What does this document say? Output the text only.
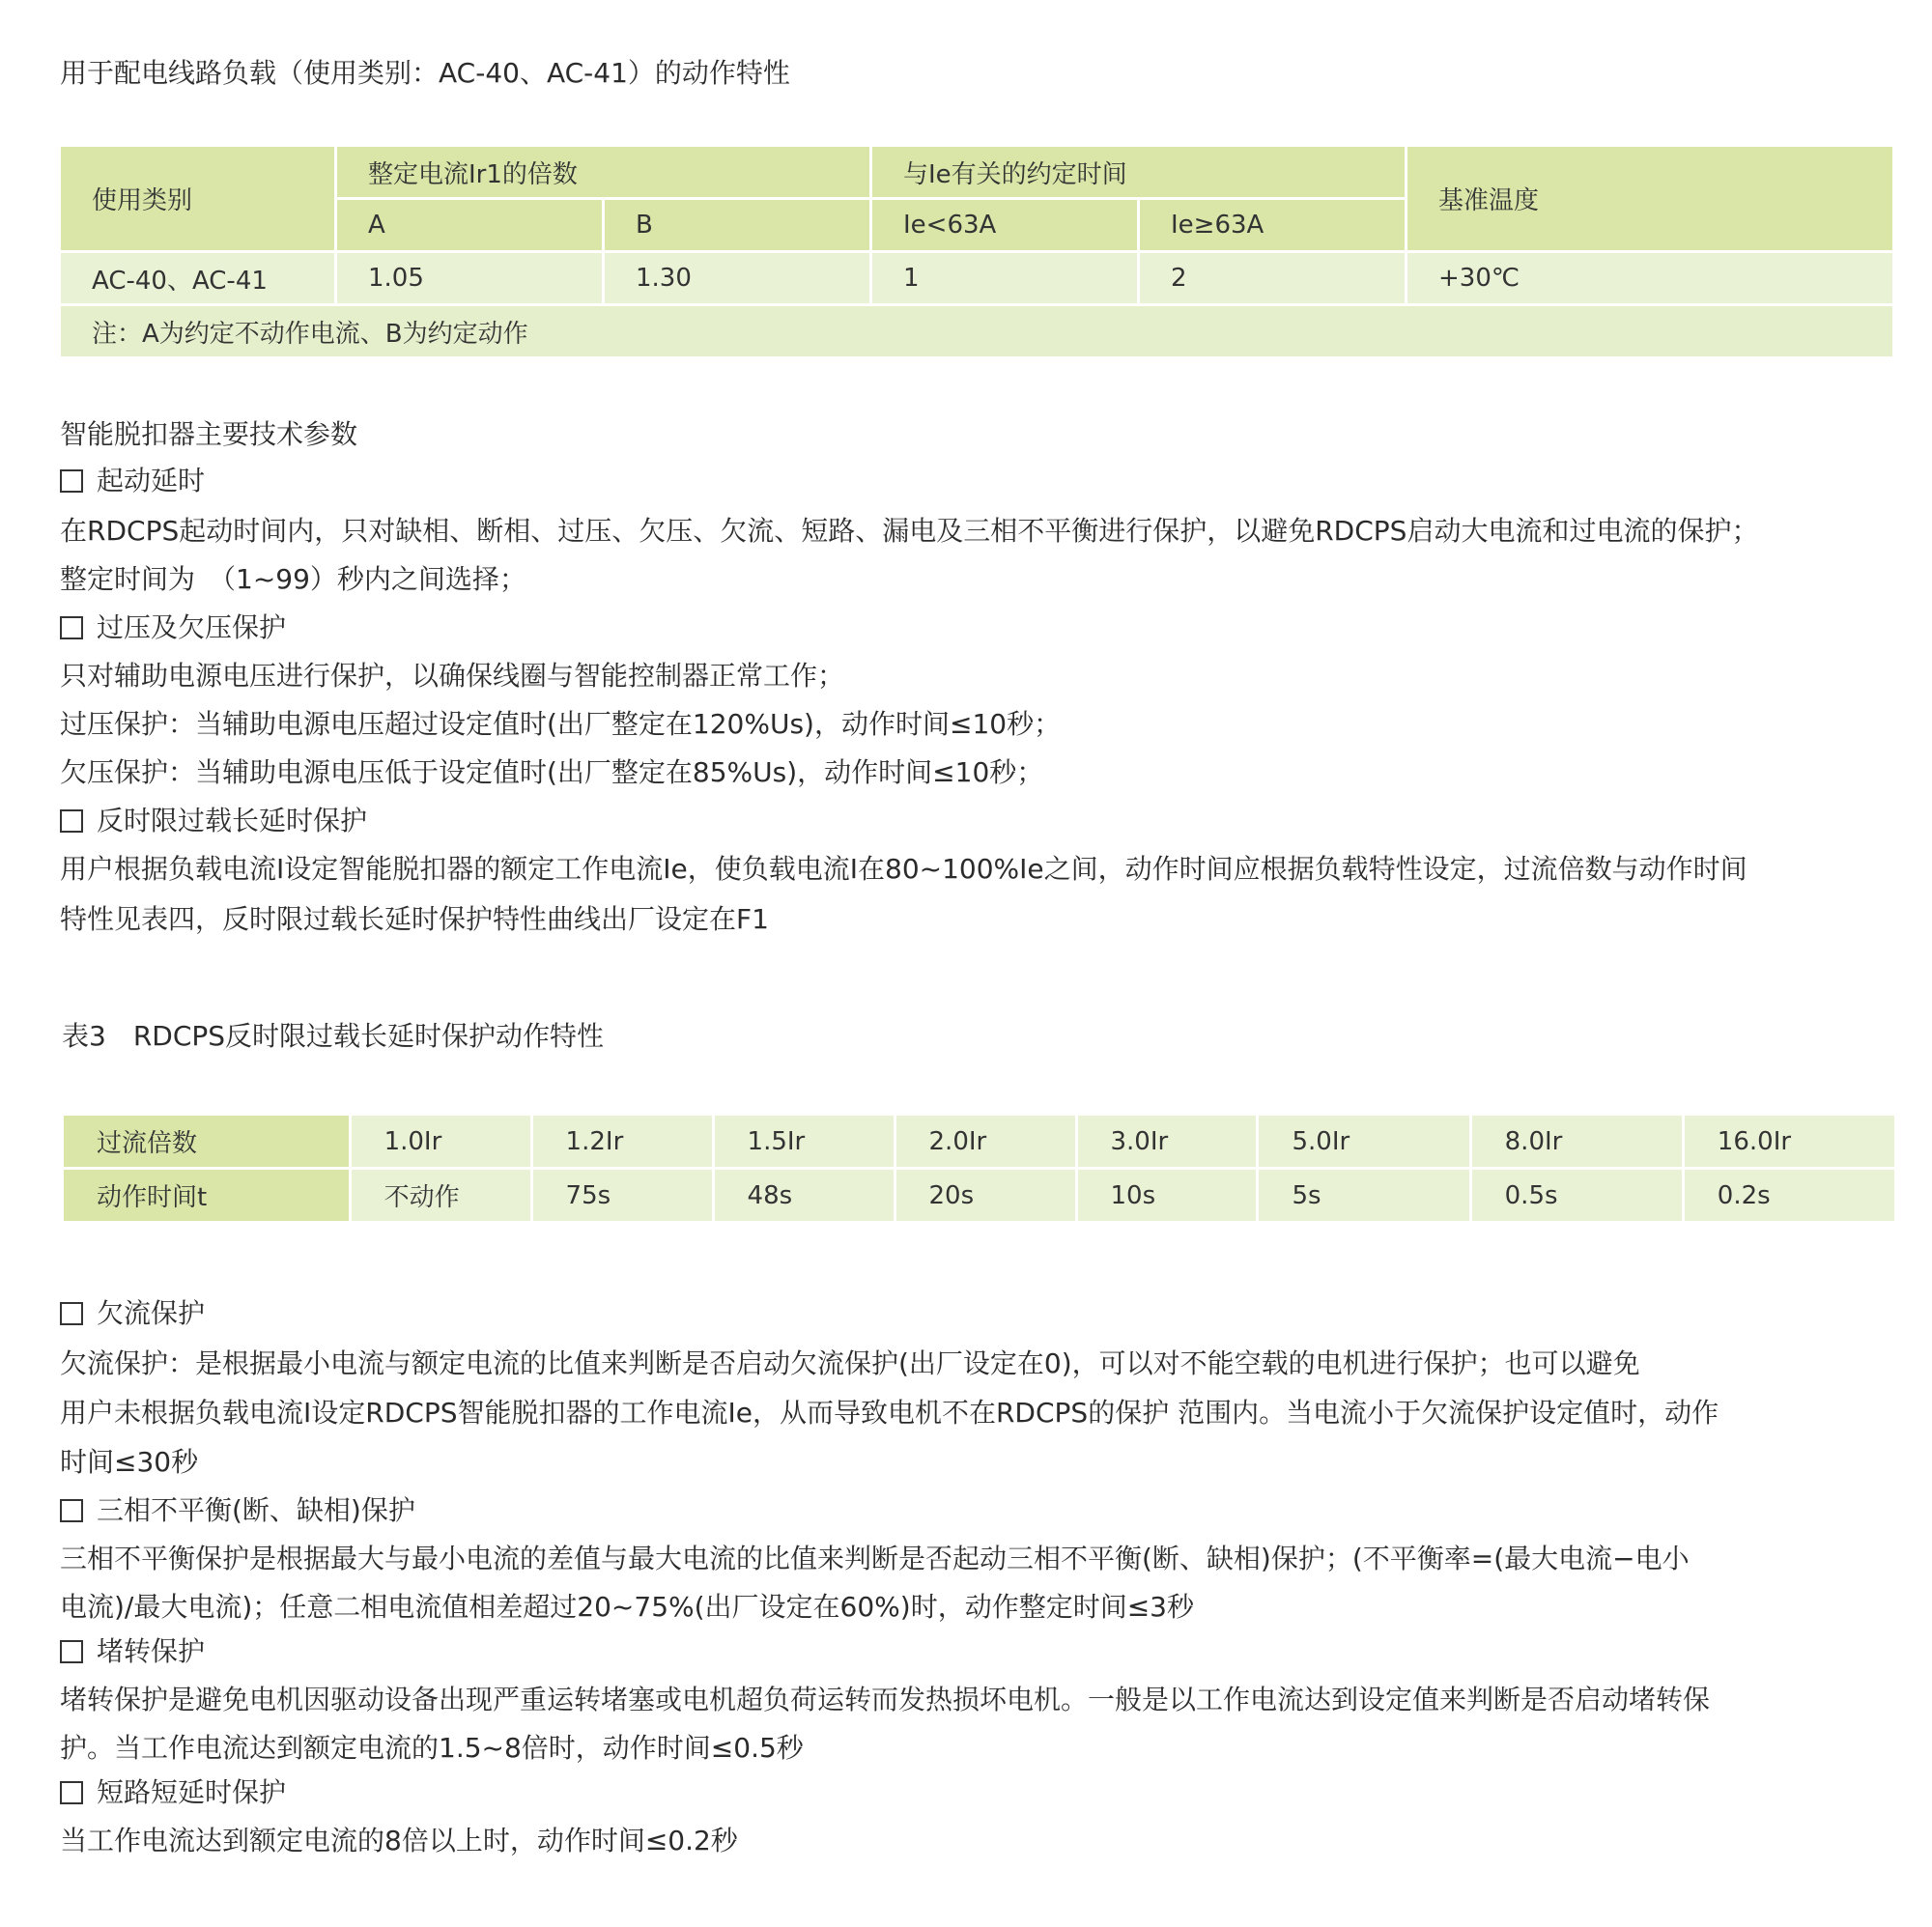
用于配电线路负载（使用类别：AC-40、AC-41）的动作特性
使用类别	整定电流Ir1的倍数		与Ie有关的约定时间		基准温度
	A	B	Ie<63A	Ie≥63A	
AC-40、AC-41	1.05	1.30	1	2	+30℃
注：A为约定不动作电流、B为约定动作					
智能脱扣器主要技术参数
起动延时
在RDCPS起动时间内，只对缺相、断相、过压、欠压、欠流、短路、漏电及三相不平衡进行保护，以避免RDCPS启动大电流和过电流的保护；
整定时间为　（1~99）秒内之间选择；
过压及欠压保护
只对辅助电源电压进行保护，以确保线圈与智能控制器正常工作；
过压保护：当辅助电源电压超过设定值时(出厂整定在120%Us)，动作时间≤10秒；
欠压保护：当辅助电源电压低于设定值时(出厂整定在85%Us)，动作时间≤10秒；
反时限过载长延时保护
用户根据负载电流I设定智能脱扣器的额定工作电流Ie，使负载电流I在80~100%Ie之间，动作时间应根据负载特性设定，过流倍数与动作时间
特性见表四，反时限过载长延时保护特性曲线出厂设定在F1
表3　RDCPS反时限过载长延时保护动作特性
过流倍数	1.0Ir	1.2Ir	1.5Ir	2.0Ir	3.0Ir	5.0Ir	8.0Ir	16.0Ir
动作时间t	不动作	75s	48s	20s	10s	5s	0.5s	0.2s
欠流保护
欠流保护：是根据最小电流与额定电流的比值来判断是否启动欠流保护(出厂设定在0)，可以对不能空载的电机进行保护；也可以避免
用户未根据负载电流I设定RDCPS智能脱扣器的工作电流Ie，从而导致电机不在RDCPS的保护 范围内。当电流小于欠流保护设定值时，动作
时间≤30秒
三相不平衡(断、缺相)保护
三相不平衡保护是根据最大与最小电流的差值与最大电流的比值来判断是否起动三相不平衡(断、缺相)保护；(不平衡率=(最大电流−电小
电流)/最大电流)；任意二相电流值相差超过20~75%(出厂设定在60%)时，动作整定时间≤3秒
堵转保护
堵转保护是避免电机因驱动设备出现严重运转堵塞或电机超负荷运转而发热损坏电机。一般是以工作电流达到设定值来判断是否启动堵转保
护。当工作电流达到额定电流的1.5~8倍时，动作时间≤0.5秒
短路短延时保护
当工作电流达到额定电流的8倍以上时，动作时间≤0.2秒
